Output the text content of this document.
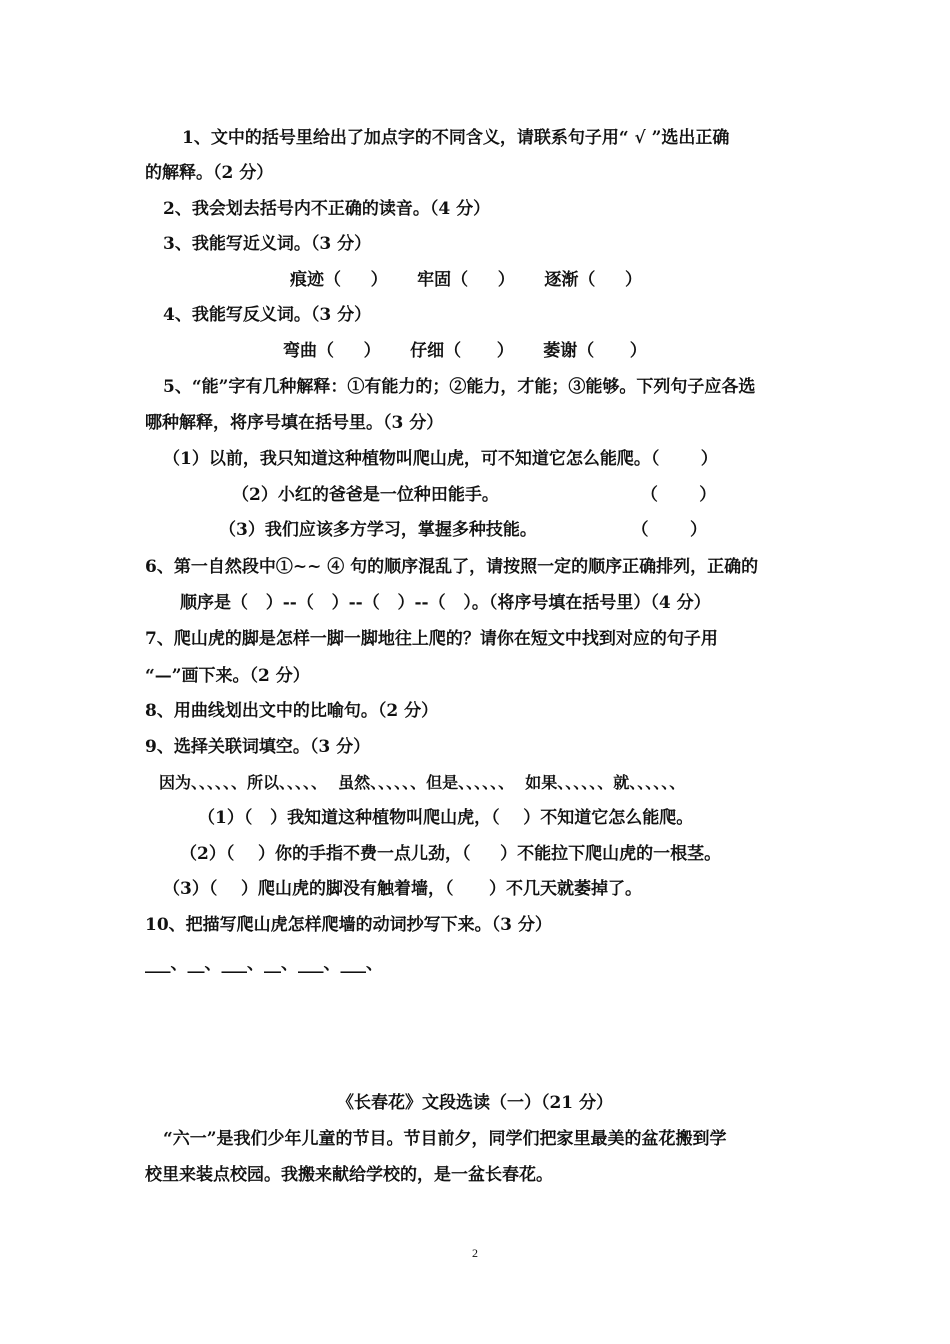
1、文中的括号里给出了加点字的不同含义，请联系句子用“ √ ”选出正确
的解释。（2 分）
2、我会划去括号内不正确的读音。（4 分）
3、我能写近义词。（3 分）
痕迹（     ）     牢固（     ）     逐渐（     ）
4、我能写反义词。（3 分）
弯曲（     ）     仔细（      ）     萎谢（      ）
5、“能”字有几种解释：①有能力的；②能力，才能；③能够。下列句子应各选
哪种解释，将序号填在括号里。（3 分）
（1）以前，我只知道这种植物叫爬山虎，可不知道它怎么能爬。（       ）
（2）小红的爸爸是一位种田能手。                        （       ）
（3）我们应该多方学习，掌握多种技能。                （       ）
6、第一自然段中①~~ ④ 句的顺序混乱了，请按照一定的顺序正确排列，正确的
顺序是（   ）--（   ）--（   ）--（   ）。（将序号填在括号里）（4 分）
7、爬山虎的脚是怎样一脚一脚地往上爬的？请你在短文中找到对应的句子用
“—”画下来。（2 分）
8、用曲线划出文中的比喻句。（2 分）
9、选择关联词填空。（3 分）
因为、、、、、、所以、、、、、  虽然、、、、、、但是、、、、、、  如果、、、、、、就、、、、、、
（1）（   ）我知道这种植物叫爬山虎，（    ）不知道它怎么能爬。
（2）（    ）你的手指不费一点儿劲，（     ）不能拉下爬山虎的一根茎。
（3）（    ）爬山虎的脚没有触着墙，（      ）不几天就萎掉了。
10、把描写爬山虎怎样爬墙的动词抄写下来。（3 分）
___、__、___、__、___、___、
《长春花》文段选读（一）（21 分）
“六一”是我们少年儿童的节目。节目前夕，同学们把家里最美的盆花搬到学
校里来装点校园。我搬来献给学校的，是一盆长春花。
2
